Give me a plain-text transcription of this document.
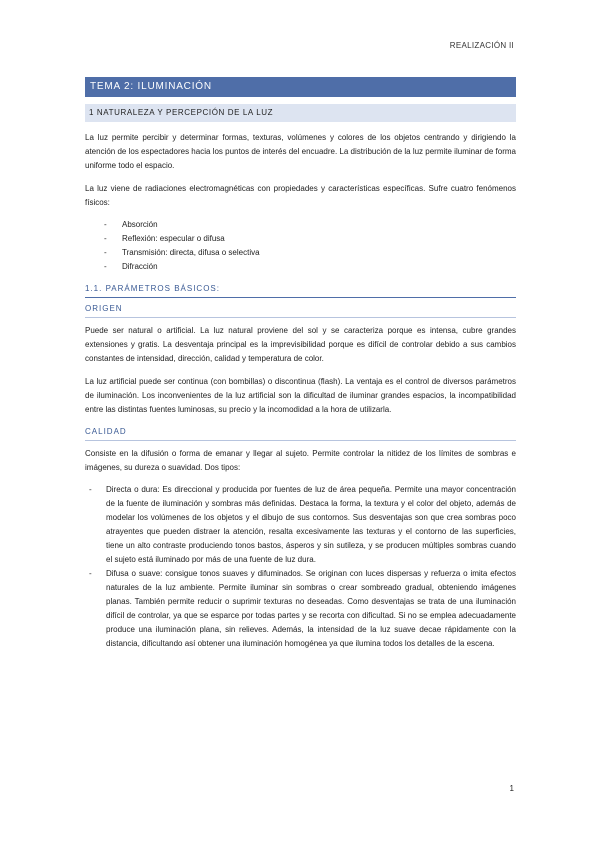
REALIZACIÓN II
TEMA 2: ILUMINACIÓN
1 NATURALEZA Y PERCEPCIÓN DE LA LUZ

La luz permite percibir y determinar formas, texturas, volúmenes y colores de los objetos centrando y dirigiendo la atención de los espectadores hacia los puntos de interés del encuadre. La distribución de la luz permite iluminar de forma uniforme todo el espacio.

La luz viene de radiaciones electromagnéticas con propiedades y características específicas. Sufre cuatro fenómenos físicos:

- Absorción
- Reflexión: especular o difusa
- Transmisión: directa, difusa o selectiva
- Difracción
1.1. PARÁMETROS BÁSICOS:
ORIGEN

Puede ser natural o artificial. La luz natural proviene del sol y se caracteriza porque es intensa, cubre grandes extensiones y gratis. La desventaja principal es la imprevisibilidad porque es difícil de controlar debido a sus cambios constantes de intensidad, dirección, calidad y temperatura de color.

La luz artificial puede ser continua (con bombillas) o discontinua (flash). La ventaja es el control de diversos parámetros de iluminación. Los inconvenientes de la luz artificial son la dificultad de iluminar grandes espacios, la incompatibilidad entre las distintas fuentes luminosas, su precio y la incomodidad a la hora de utilizarla.

CALIDAD

Consiste en la difusión o forma de emanar y llegar al sujeto. Permite controlar la nitidez de los límites de sombras e imágenes, su dureza o suavidad. Dos tipos:

- Directa o dura: Es direccional y producida por fuentes de luz de área pequeña. Permite una mayor concentración de la fuente de iluminación y sombras más definidas. Destaca la forma, la textura y el color del objeto, además de modelar los volúmenes de los objetos y el dibujo de sus contornos. Sus desventajas son que crea sombras poco atrayentes que pueden distraer la atención, resalta excesivamente las texturas y el contorno de las superficies, tiene un alto contraste produciendo tonos bastos, ásperos y sin sutileza, y se producen múltiples sombras cuando el sujeto está iluminado por más de una fuente de luz dura.
- Difusa o suave: consigue tonos suaves y difuminados. Se originan con luces dispersas y refuerza o imita efectos naturales de la luz ambiente. Permite iluminar sin sombras o crear sombreado gradual, obteniendo imágenes planas. También permite reducir o suprimir texturas no deseadas. Como desventajas se trata de una iluminación difícil de controlar, ya que se esparce por todas partes y se recorta con dificultad. Si no se emplea adecuadamente produce una iluminación plana, sin relieves. Además, la intensidad de la luz suave decae rápidamente con la distancia, dificultando así obtener una iluminación homogénea ya que ilumina todos los detalles de la escena.
1
